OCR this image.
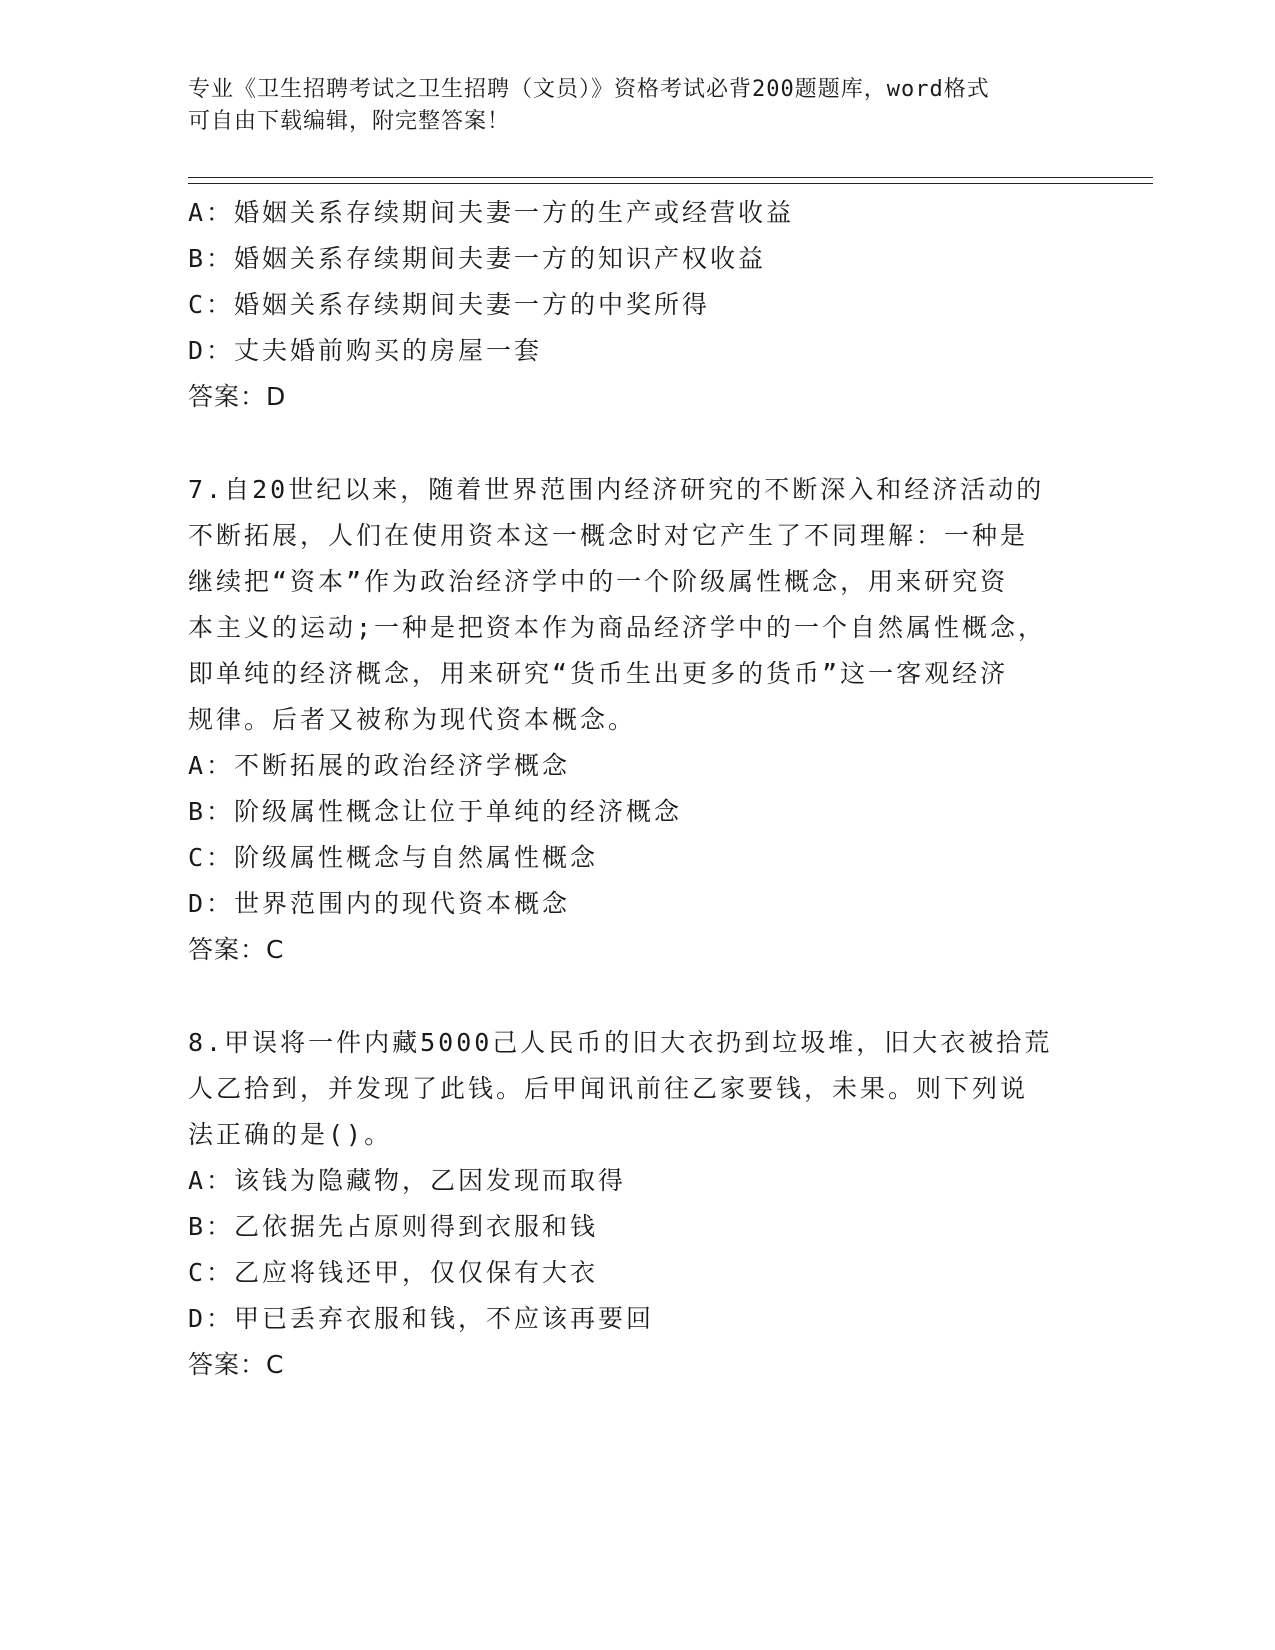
专业《卫生招聘考试之卫生招聘（文员）》资格考试必背200题题库，word格式
可自由下载编辑，附完整答案！
A：婚姻关系存续期间夫妻一方的生产或经营收益
B：婚姻关系存续期间夫妻一方的知识产权收益
C：婚姻关系存续期间夫妻一方的中奖所得
D：丈夫婚前购买的房屋一套
答案：D
7.自20世纪以来，随着世界范围内经济研究的不断深入和经济活动的
不断拓展，人们在使用资本这一概念时对它产生了不同理解：一种是
继续把“资本”作为政治经济学中的一个阶级属性概念，用来研究资
本主义的运动;一种是把资本作为商品经济学中的一个自然属性概念，
即单纯的经济概念，用来研究“货币生出更多的货币”这一客观经济
规律。后者又被称为现代资本概念。
A：不断拓展的政治经济学概念
B：阶级属性概念让位于单纯的经济概念
C：阶级属性概念与自然属性概念
D：世界范围内的现代资本概念
答案：C
8.甲误将一件内藏5000己人民币的旧大衣扔到垃圾堆，旧大衣被拾荒
人乙拾到，并发现了此钱。后甲闻讯前往乙家要钱，未果。则下列说
法正确的是()。
A：该钱为隐藏物，乙因发现而取得
B：乙依据先占原则得到衣服和钱
C：乙应将钱还甲，仅仅保有大衣
D：甲已丢弃衣服和钱，不应该再要回
答案：C
